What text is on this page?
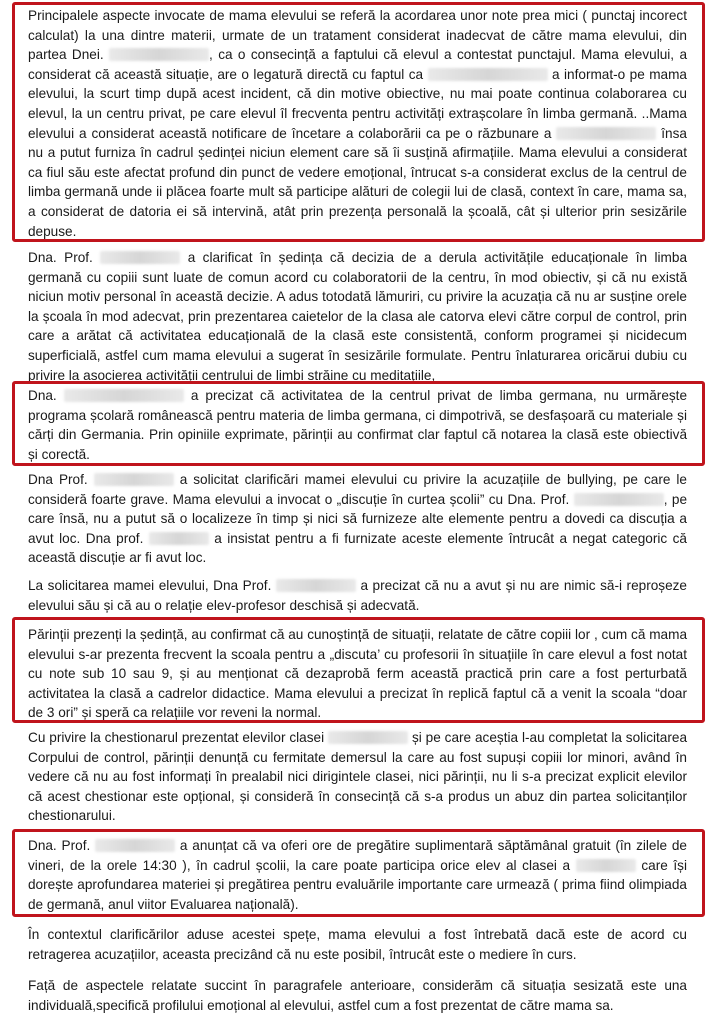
Principalele aspecte invocate de mama elevului se referă la acordarea unor note prea mici ( punctaj incorect calculat) la una dintre materii, urmate de un tratament considerat inadecvat de către mama elevului, din partea Dnei.	, ca o consecință a faptului că elevul a contestat punctajul. Mama elevului, a considerat că această situație, are o legatură directă cu faptul ca	a informat-o pe mama elevului, la scurt timp după acest incident, că din motive obiective, nu mai poate continua colaborarea cu elevul, la un centru privat, pe care elevul îl frecventa pentru activități extrașcolare în limba germană. ..Mama elevului a considerat această notificare de încetare a colaborării ca pe o răzbunare a	însa nu a putut furniza în cadrul ședinței niciun element care să îi susțină afirmațiile. Mama elevului a considerat ca fiul său este afectat profund din punct de vedere emoțional, întrucat s-a considerat exclus de la centrul de limba germană unde ii plăcea foarte mult să participe alături de colegii lui de clasă, context în care, mama sa, a considerat de datoria ei să intervină, atât prin prezența personală la școală, cât și ulterior prin sesizările depuse.

Dna. Prof.	a clarificat în ședința că decizia de a derula activitățile educaționale în limba germană cu copiii sunt luate de comun acord cu colaboratorii de la centru, în mod obiectiv, și că nu există niciun motiv personal în această decizie. A adus totodată lămuriri, cu privire la acuzația că nu ar susține orele la școala în mod adecvat, prin prezentarea caietelor de la clasa ale catorva elevi către corpul de control, prin care a arătat că activitatea educațională de la clasă este consistentă, conform programei și nicidecum superficială, astfel cum mama elevului a sugerat în sesizările formulate. Pentru înlaturarea oricărui dubiu cu privire la asocierea activității centrului de limbi străine cu meditațiile,

Dna.	a precizat că activitatea de la centrul privat de limba germana, nu urmărește programa școlară românească pentru materia de limba germana, ci dimpotrivă, se desfașoară cu materiale și cărți din Germania. Prin opiniile exprimate, părinții au confirmat clar faptul că notarea la clasă este obiectivă și corectă.

Dna Prof.	a solicitat clarificări mamei elevului cu privire la acuzațiile de bullying, pe care le consideră foarte grave. Mama elevului a invocat o „discuție în curtea școlii” cu Dna. Prof.	, pe care însă, nu a putut să o localizeze în timp și nici să furnizeze alte elemente pentru a dovedi ca discuția a avut loc. Dna prof.	a insistat pentru a fi furnizate aceste elemente întrucât a negat categoric că această discuție ar fi avut loc.

La solicitarea mamei elevului, Dna Prof.	a precizat că nu a avut și nu are nimic să-i reproșeze elevului său și că au o relație elev-profesor deschisă și adecvată.

Părinții prezenți la ședință, au confirmat că au cunoștință de situații, relatate de către copiii lor , cum că mama elevului s-ar prezenta frecvent la scoala pentru a „discuta’ cu profesorii în situațiile în care elevul a fost notat cu note sub 10 sau 9, și au menționat că dezaprobă ferm această practică prin care a fost perturbată activitatea la clasă a cadrelor didactice. Mama elevului a precizat în replică faptul că a venit la scoala “doar de 3 ori” și speră ca relațiile vor reveni la normal.

Cu privire la chestionarul prezentat elevilor clasei	și pe care aceștia l-au completat la solicitarea Corpului de control, părinții denunță cu fermitate demersul la care au fost supuși copiii lor minori, având în vedere că nu au fost informați în prealabil nici dirigintele clasei, nici părinții, nu li s-a precizat explicit elevilor că acest chestionar este opțional, și consideră în consecință că s-a produs un abuz din partea solicitanților chestionarului.

Dna. Prof.	a anunțat că va oferi ore de pregătire suplimentară săptămânal gratuit (în zilele de vineri, de la orele 14:30 ), în cadrul școlii, la care poate participa orice elev al clasei a	care își dorește aprofundarea materiei și pregătirea pentru evaluările importante care urmează ( prima fiind olimpiada de germană, anul viitor Evaluarea națională).

În contextul clarificărilor aduse acestei spețe, mama elevului a fost întrebată dacă este de acord cu retragerea acuzațiilor, aceasta precizând că nu este posibil, întrucât este o mediere în curs.

Față de aspectele relatate succint în paragrafele anterioare, considerăm că situația sesizată este una individuală,specifică profilului emoțional al elevului, astfel cum a fost prezentat de către mama sa.
